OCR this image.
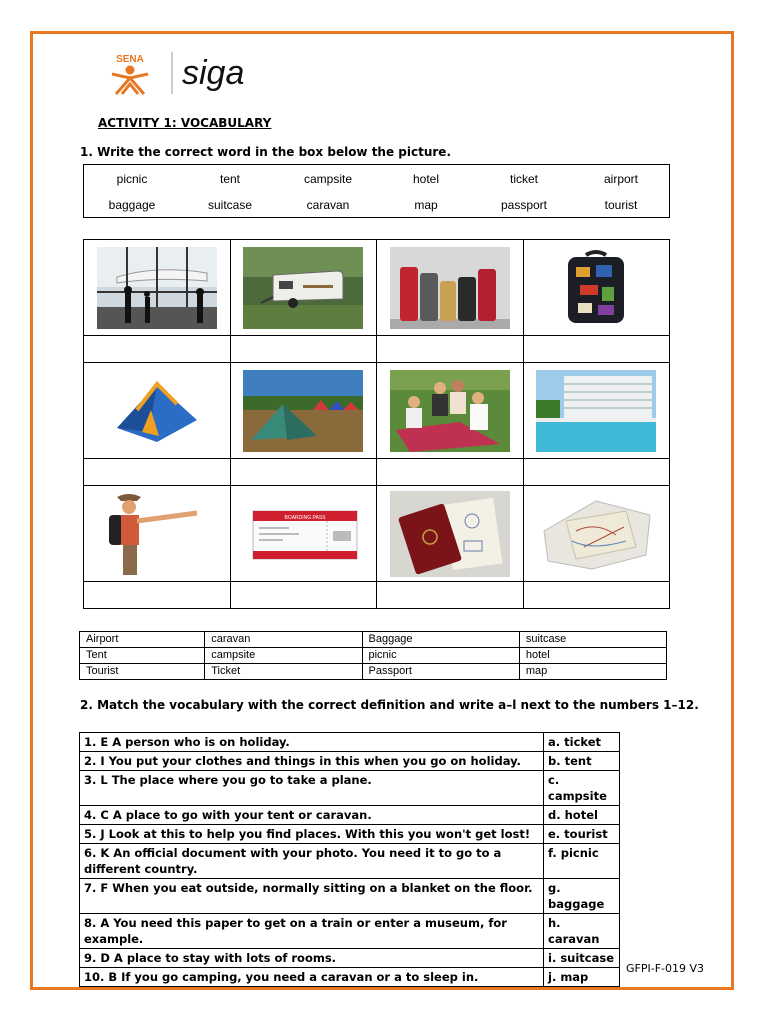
SENA siga
ACTIVITY 1: VOCABULARY
1. Write the correct word in the box below the picture.
picnic	tent	campsite	hotel	ticket	airport
baggage	suitcase	caravan	map	passport	tourist

BOARDING PASS

Airport	caravan	Baggage	suitcase
Tent	campsite	picnic	hotel
Tourist	Ticket	Passport	map
2. Match the vocabulary with the correct definition and write a–l next to the numbers 1–12.
1. E A person who is on holiday.	a. ticket
2. I You put your clothes and things in this when you go on holiday.	b. tent
3. L The place where you go to take a plane.	c. campsite
4. C A place to go with your tent or caravan.	d. hotel
5. J Look at this to help you find places. With this you won't get lost!	e. tourist
6. K An official document with your photo. You need it to go to a different country.	f. picnic
7. F When you eat outside, normally sitting on a blanket on the floor.	g. baggage
8. A You need this paper to get on a train or enter a museum, for example.	h. caravan
9. D A place to stay with lots of rooms.	i. suitcase
10. B If you go camping, you need a caravan or a to sleep in.	j. map
GFPI-F-019 V3
